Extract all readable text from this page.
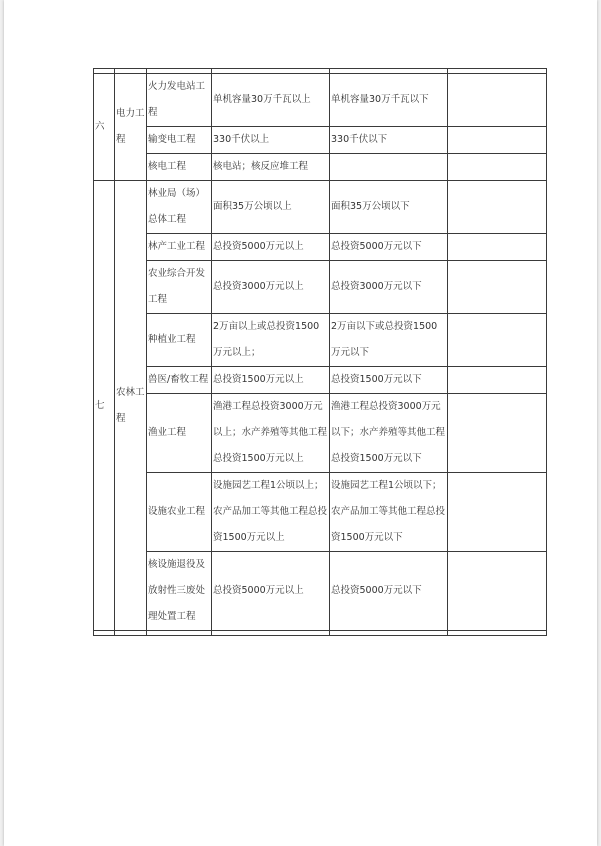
六	电力工程	火力发电站工程	单机容量30万千瓦以上	单机容量30万千瓦以下	
		输变电工程	330千伏以上	330千伏以下	
		核电工程	核电站；核反应堆工程		
七	农林工程	林业局（场）总体工程	面积35万公顷以上	面积35万公顷以下	
		林产工业工程	总投资5000万元以上	总投资5000万元以下	
		农业综合开发工程	总投资3000万元以上	总投资3000万元以下	
		种植业工程	2万亩以上或总投资1500万元以上；	2万亩以下或总投资1500万元以下	
		兽医/畜牧工程	总投资1500万元以上	总投资1500万元以下	
		渔业工程	渔港工程总投资3000万元以上；水产养殖等其他工程总投资1500万元以上	渔港工程总投资3000万元以下；水产养殖等其他工程总投资1500万元以下	
		设施农业工程	设施园艺工程1公顷以上；农产品加工等其他工程总投资1500万元以上	设施园艺工程1公顷以下；农产品加工等其他工程总投资1500万元以下	
		核设施退役及放射性三废处理处置工程	总投资5000万元以上	总投资5000万元以下	
